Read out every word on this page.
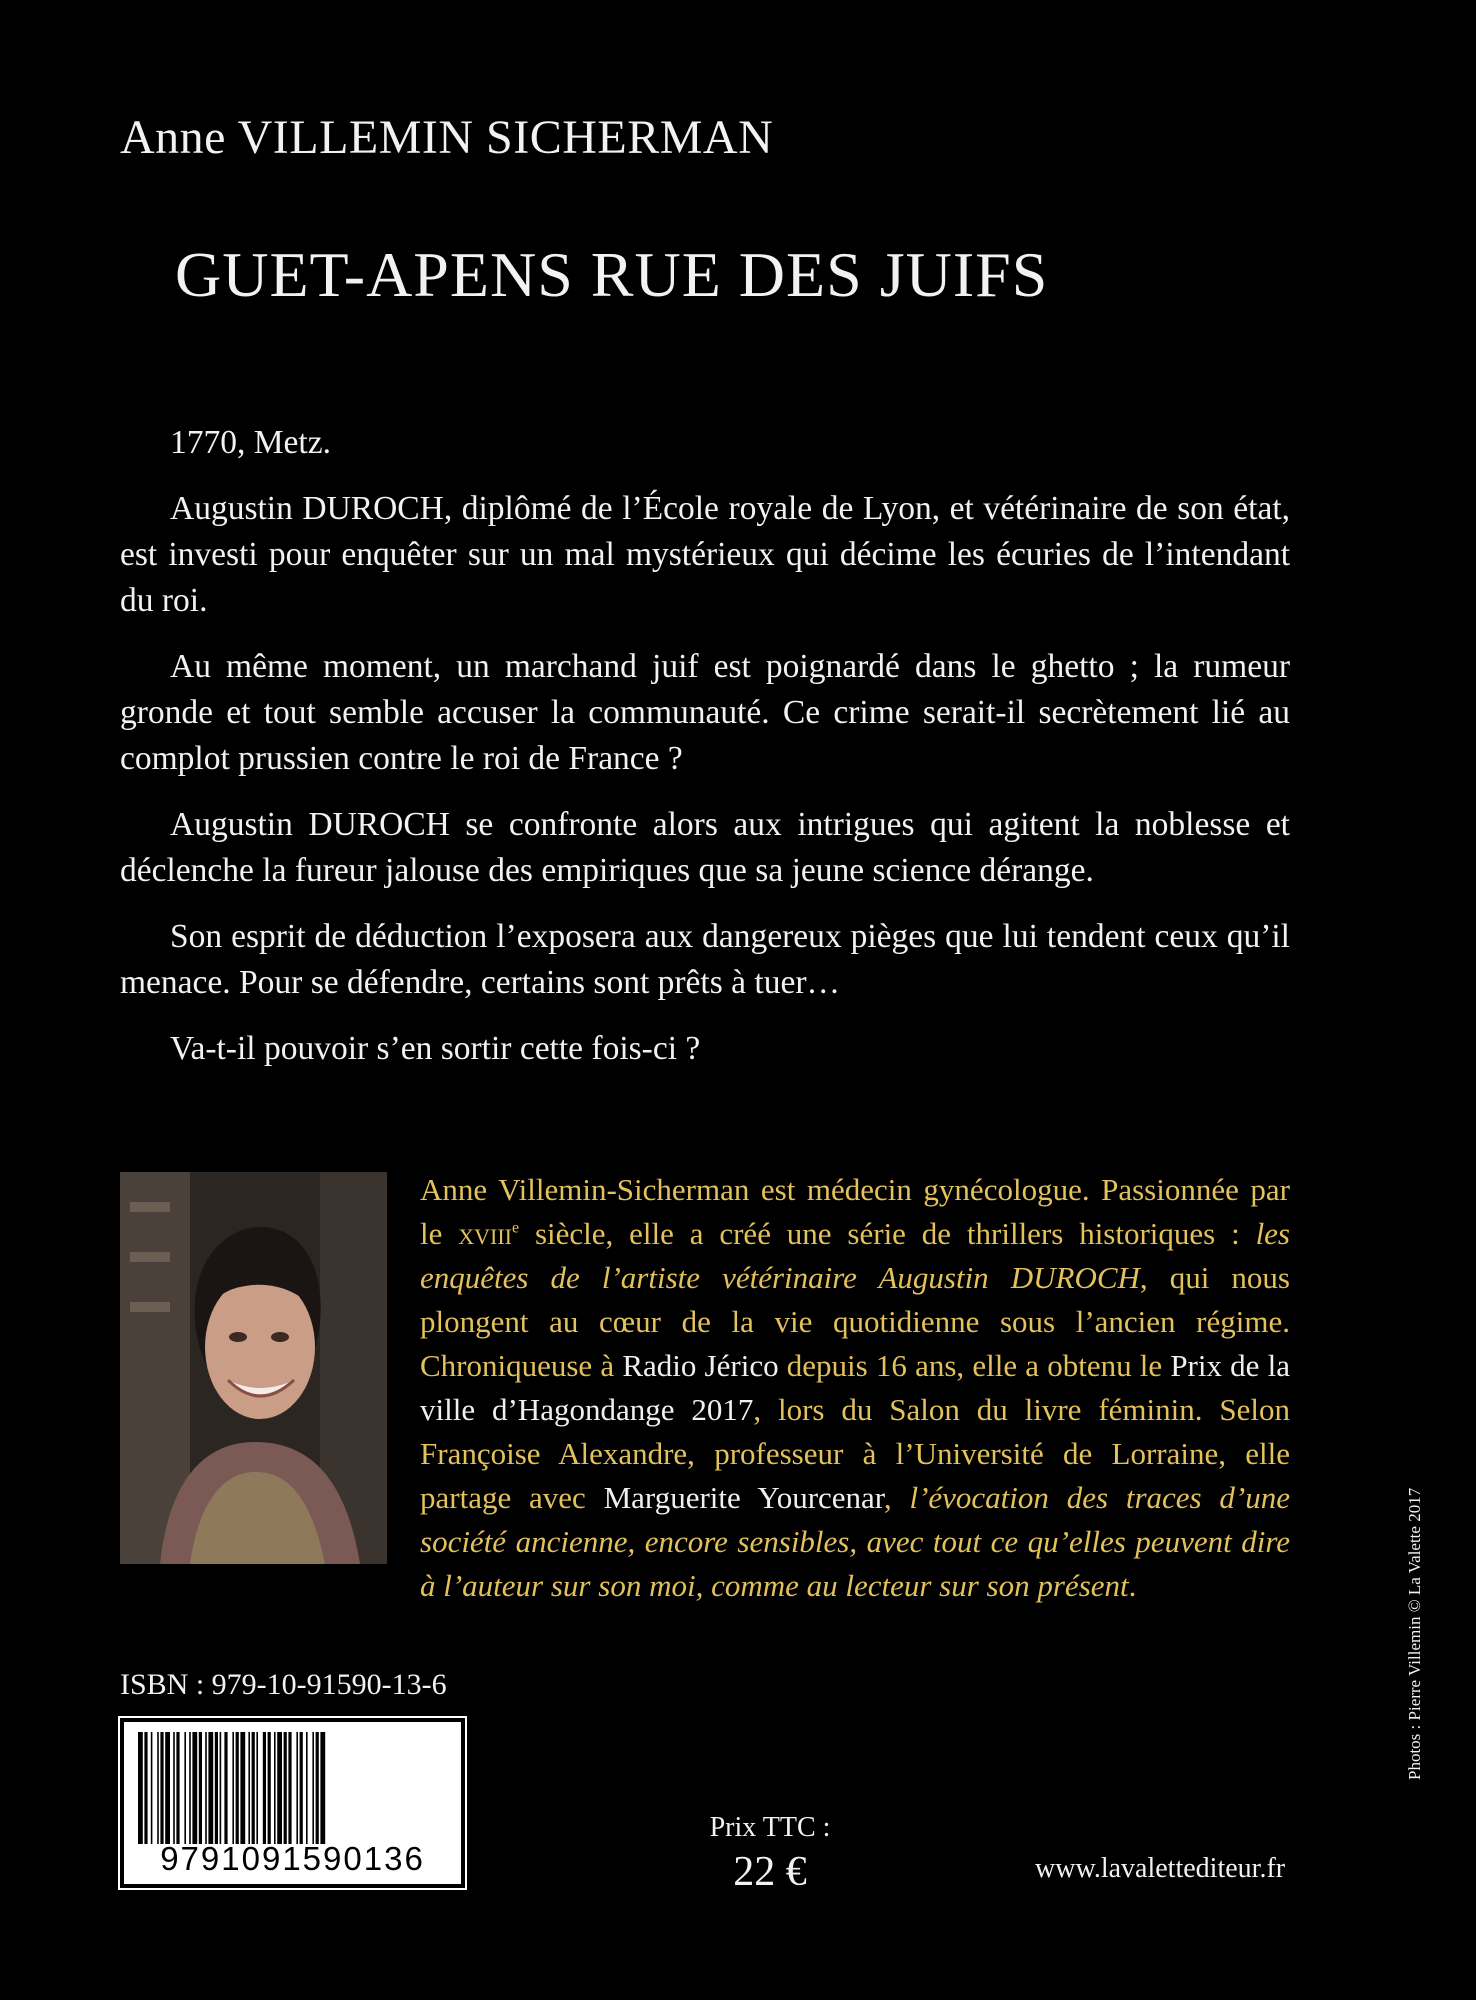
Anne VILLEMIN SICHERMAN
GUET-APENS RUE DES JUIFS

1770, Metz.

Augustin DUROCH, diplômé de l’École royale de Lyon, et vétérinaire de son état, est investi pour enquêter sur un mal mystérieux qui décime les écuries de l’intendant du roi.

Au même moment, un marchand juif est poignardé dans le ghetto ; la rumeur gronde et tout semble accuser la communauté. Ce crime serait-il secrètement lié au complot prussien contre le roi de France ?

Augustin DUROCH se confronte alors aux intrigues qui agitent la noblesse et déclenche la fureur jalouse des empiriques que sa jeune science dérange.

Son esprit de déduction l’exposera aux dangereux pièges que lui tendent ceux qu’il menace. Pour se défendre, certains sont prêts à tuer…

Va-t-il pouvoir s’en sortir cette fois-ci ?

Anne Villemin-Sicherman est médecin gynécologue. Passionnée par le xviii$^e$ siècle, elle a créé une série de thrillers historiques : les enquêtes de l’artiste vétérinaire Augustin DUROCH, qui nous plongent au cœur de la vie quotidienne sous l’ancien régime. Chroniqueuse à Radio Jérico depuis 16 ans, elle a obtenu le Prix de la ville d’Hagondange 2017, lors du Salon du livre féminin. Selon Françoise Alexandre, professeur à l’Université de Lorraine, elle partage avec Marguerite Yourcenar, l’évocation des traces d’une société ancienne, encore sensibles, avec tout ce qu’elles peuvent dire à l’auteur sur son moi, comme au lecteur sur son présent.
ISBN : 979-10-91590-13-6
9791091590136
Prix TTC :
22 €	www.lavalettediteur.fr
Photos : Pierre Villemin © La Valette 2017
